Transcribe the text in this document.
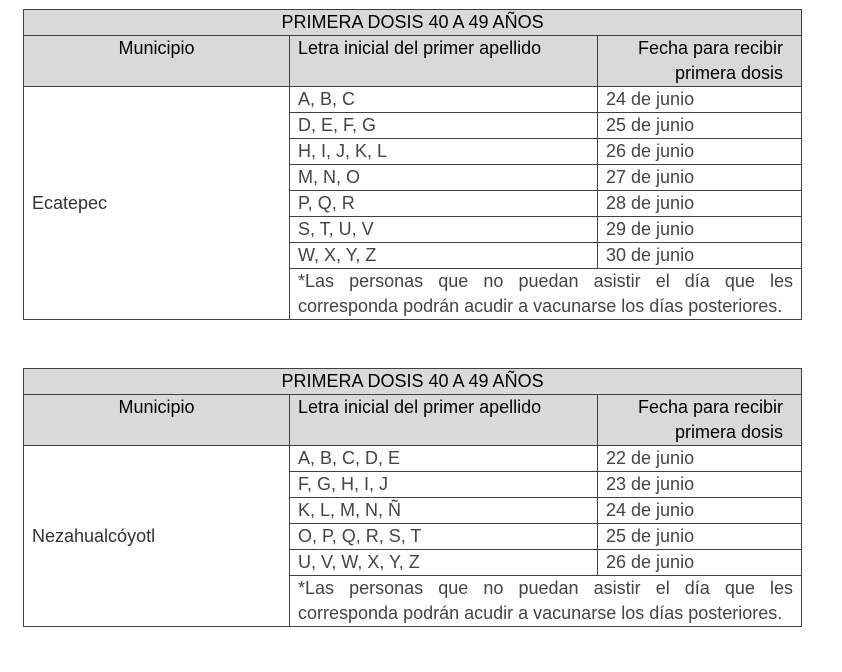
PRIMERA DOSIS 40 A 49 AÑOS		
Municipio	Letra inicial del primer apellido	Fecha para recibir
primera dosis
Ecatepec	A, B, C	24 de junio
	D, E, F, G	25 de junio
	H, I, J, K, L	26 de junio
	M, N, O	27 de junio
	P, Q, R	28 de junio
	S, T, U, V	29 de junio
	W, X, Y, Z	30 de junio
	*Las personas que no puedan asistir el día que les corresponda podrán acudir a vacunarse los días posteriores.	
PRIMERA DOSIS 40 A 49 AÑOS		
Municipio	Letra inicial del primer apellido	Fecha para recibir
primera dosis
Nezahualcóyotl	A, B, C, D, E	22 de junio
	F, G, H, I, J	23 de junio
	K, L, M, N, Ñ	24 de junio
	O, P, Q, R, S, T	25 de junio
	U, V, W, X, Y, Z	26 de junio
	*Las personas que no puedan asistir el día que les corresponda podrán acudir a vacunarse los días posteriores.	
